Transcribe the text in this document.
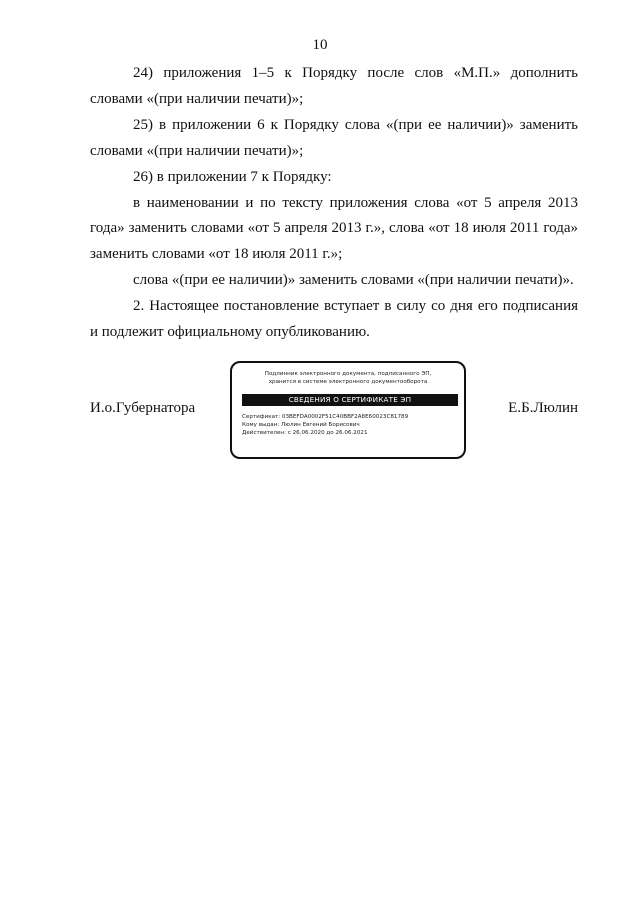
10

24) приложения 1–5 к Порядку после слов «М.П.» дополнить словами «(при наличии печати)»;

25) в приложении 6 к Порядку слова «(при ее наличии)» заменить словами «(при наличии печати)»;

26) в приложении 7 к Порядку:

в наименовании и по тексту приложения слова «от 5 апреля 2013 года» заменить словами «от 5 апреля 2013 г.», слова «от 18 июля 2011 года» заменить словами «от 18 июля 2011 г.»;

слова «(при ее наличии)» заменить словами «(при наличии печати)».

2. Настоящее постановление вступает в силу со дня его подписания и подлежит официальному опубликованию.

И.о.Губернатора
Подлинник электронного документа, подписанного ЭП,
хранится в системе электронного документооборота
СВЕДЕНИЯ О СЕРТИФИКАТЕ ЭП
Сертификат: 03BEFDA0002F51C40BBF2A8E60023C81789
Кому выдан: Люлин Евгений Борисович
Действителен: с 26.06.2020 до 26.06.2021
Е.Б.Люлин
